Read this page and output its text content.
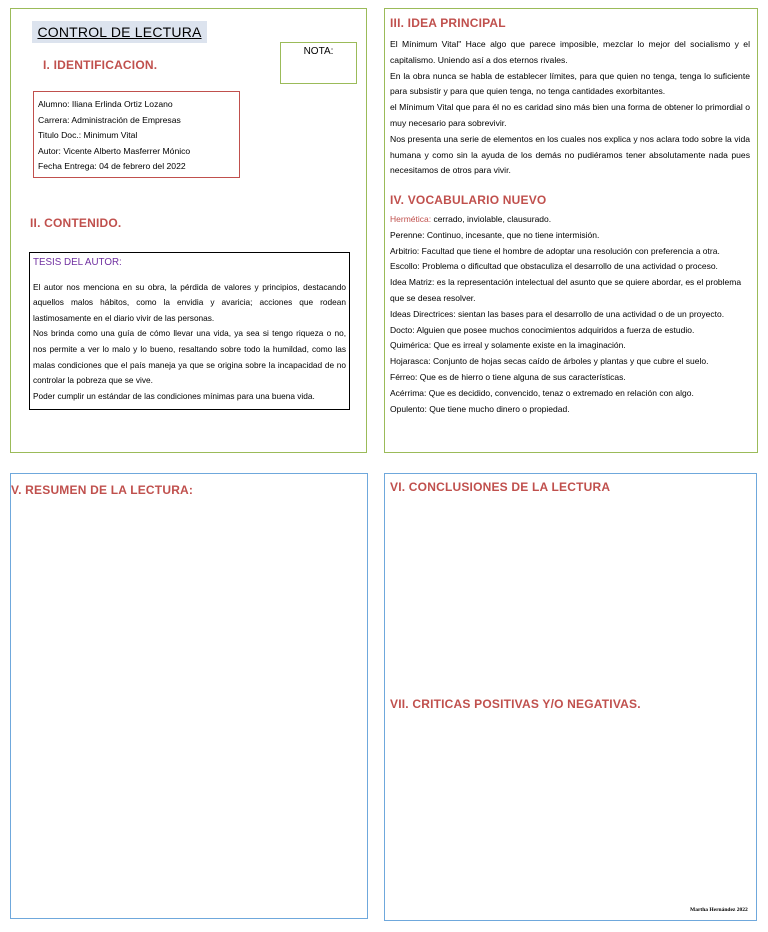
CONTROL DE LECTURA
NOTA:
I. IDENTIFICACION.
Alumno: Iliana Erlinda Ortiz Lozano
Carrera: Administración de Empresas
Titulo Doc.: Minimum Vital
Autor: Vicente Alberto Masferrer Mónico
Fecha Entrega: 04 de febrero del 2022
II. CONTENIDO.
TESIS DEL AUTOR:
El autor nos menciona en su obra, la pérdida de valores y principios, destacando aquellos malos hábitos, como la envidia y avaricia; acciones que rodean lastimosamente en el diario vivir de las personas.
Nos brinda como una guía de cómo llevar una vida, ya sea si tengo riqueza o no, nos permite a ver lo malo y lo bueno, resaltando sobre todo la humildad, como las malas condiciones que el país maneja ya que se origina sobre la incapacidad de no controlar la pobreza que se vive.
Poder cumplir un estándar de las condiciones mínimas para una buena vida.
III. IDEA PRINCIPAL

El Mínimum Vital" Hace algo que parece imposible, mezclar lo mejor del socialismo y el capitalismo. Uniendo así a dos eternos rivales.

En la obra nunca se habla de establecer límites, para que quien no tenga, tenga lo suficiente para subsistir y para que quien tenga, no tenga cantidades exorbitantes.

el Mínimum Vital que para él no es caridad sino más bien una forma de obtener lo primordial o muy necesario para sobrevivir.

Nos presenta una serie de elementos en los cuales nos explica y nos aclara todo sobre la vida humana y como sin la ayuda de los demás no pudiéramos tener absolutamente nada pues necesitamos de otros para vivir.

IV. VOCABULARIO NUEVO

Hermética: cerrado, inviolable, clausurado.

Perenne: Continuo, incesante, que no tiene intermisión.

Arbitrio: Facultad que tiene el hombre de adoptar una resolución con preferencia a otra.

Escollo: Problema o dificultad que obstaculiza el desarrollo de una actividad o proceso.

Idea Matriz: es la representación intelectual del asunto que se quiere abordar, es el problema que se desea resolver.

Ideas Directrices: sientan las bases para el desarrollo de una actividad o de un proyecto.

Docto: Alguien que posee muchos conocimientos adquiridos a fuerza de estudio.

Quimérica: Que es irreal y solamente existe en la imaginación.

Hojarasca: Conjunto de hojas secas caído de árboles y plantas y que cubre el suelo.

Férreo: Que es de hierro o tiene alguna de sus características.

Acérrima: Que es decidido, convencido, tenaz o extremado en relación con algo.

Opulento: Que tiene mucho dinero o propiedad.

V. RESUMEN DE LA LECTURA:	VI. CONCLUSIONES DE LA LECTURA
VII. CRITICAS POSITIVAS Y/O NEGATIVAS.
Martha Hernández 2022
